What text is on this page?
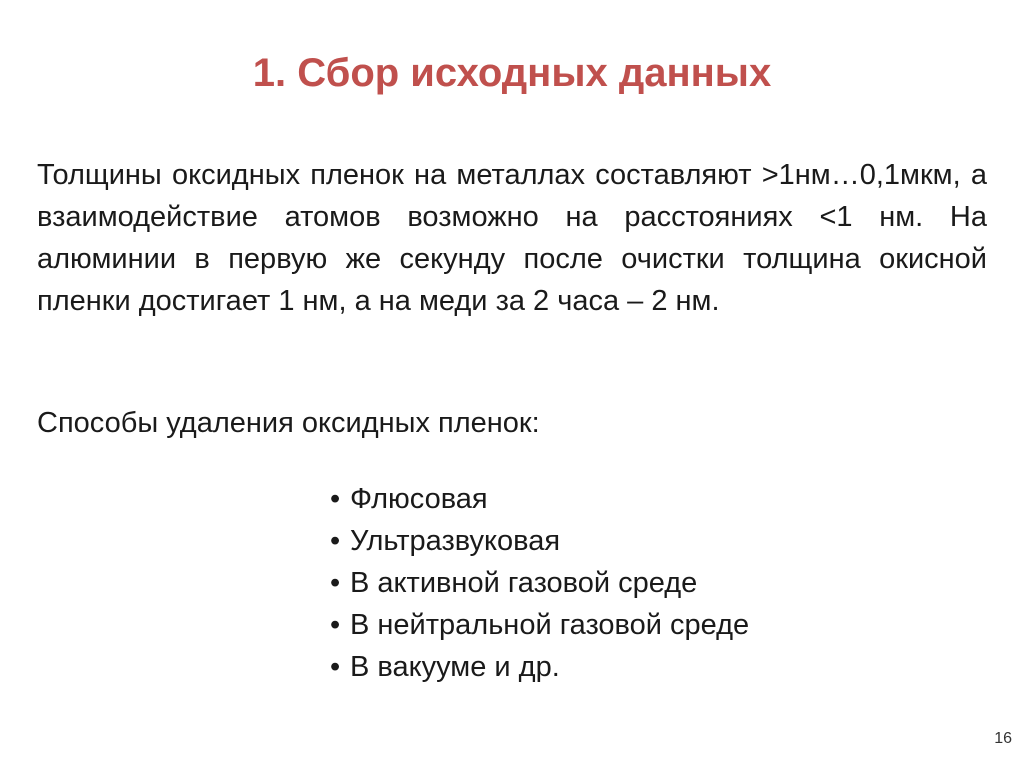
1. Сбор исходных данных

Толщины оксидных пленок на металлах составляют >1нм…0,1мкм, а взаимодействие атомов возможно на расстояниях <1 нм. На алюминии в первую же секунду после очистки толщина окисной пленки достигает 1 нм, а на меди за 2 часа – 2 нм.

Способы удаления оксидных пленок:

• Флюсовая
• Ультразвуковая
• В активной газовой среде
• В нейтральной газовой среде
• В вакууме и др.
16
